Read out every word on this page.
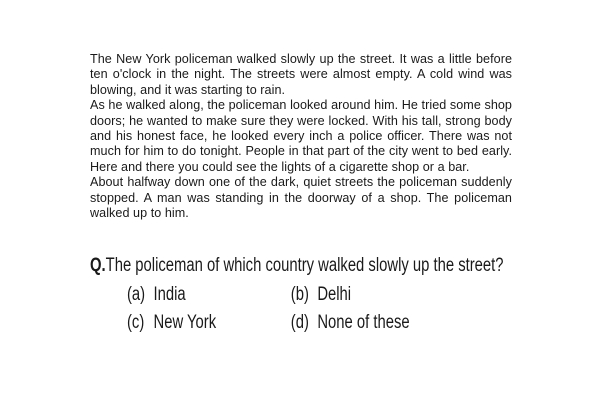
The New York policeman walked slowly up the street. It was a little before ten o'clock in the night. The streets were almost empty. A cold wind was blowing, and it was starting to rain.

As he walked along, the policeman looked around him. He tried some shop doors; he wanted to make sure they were locked. With his tall, strong body and his honest face, he looked every inch a police officer. There was not much for him to do tonight. People in that part of the city went to bed early. Here and there you could see the lights of a cigarette shop or a bar.

About halfway down one of the dark, quiet streets the policeman suddenly stopped. A man was standing in the doorway of a shop. The policeman walked up to him.

Q. The policeman of which country walked slowly up the street?
(a) India	(b) Delhi
(c) New York	(d) None of these
